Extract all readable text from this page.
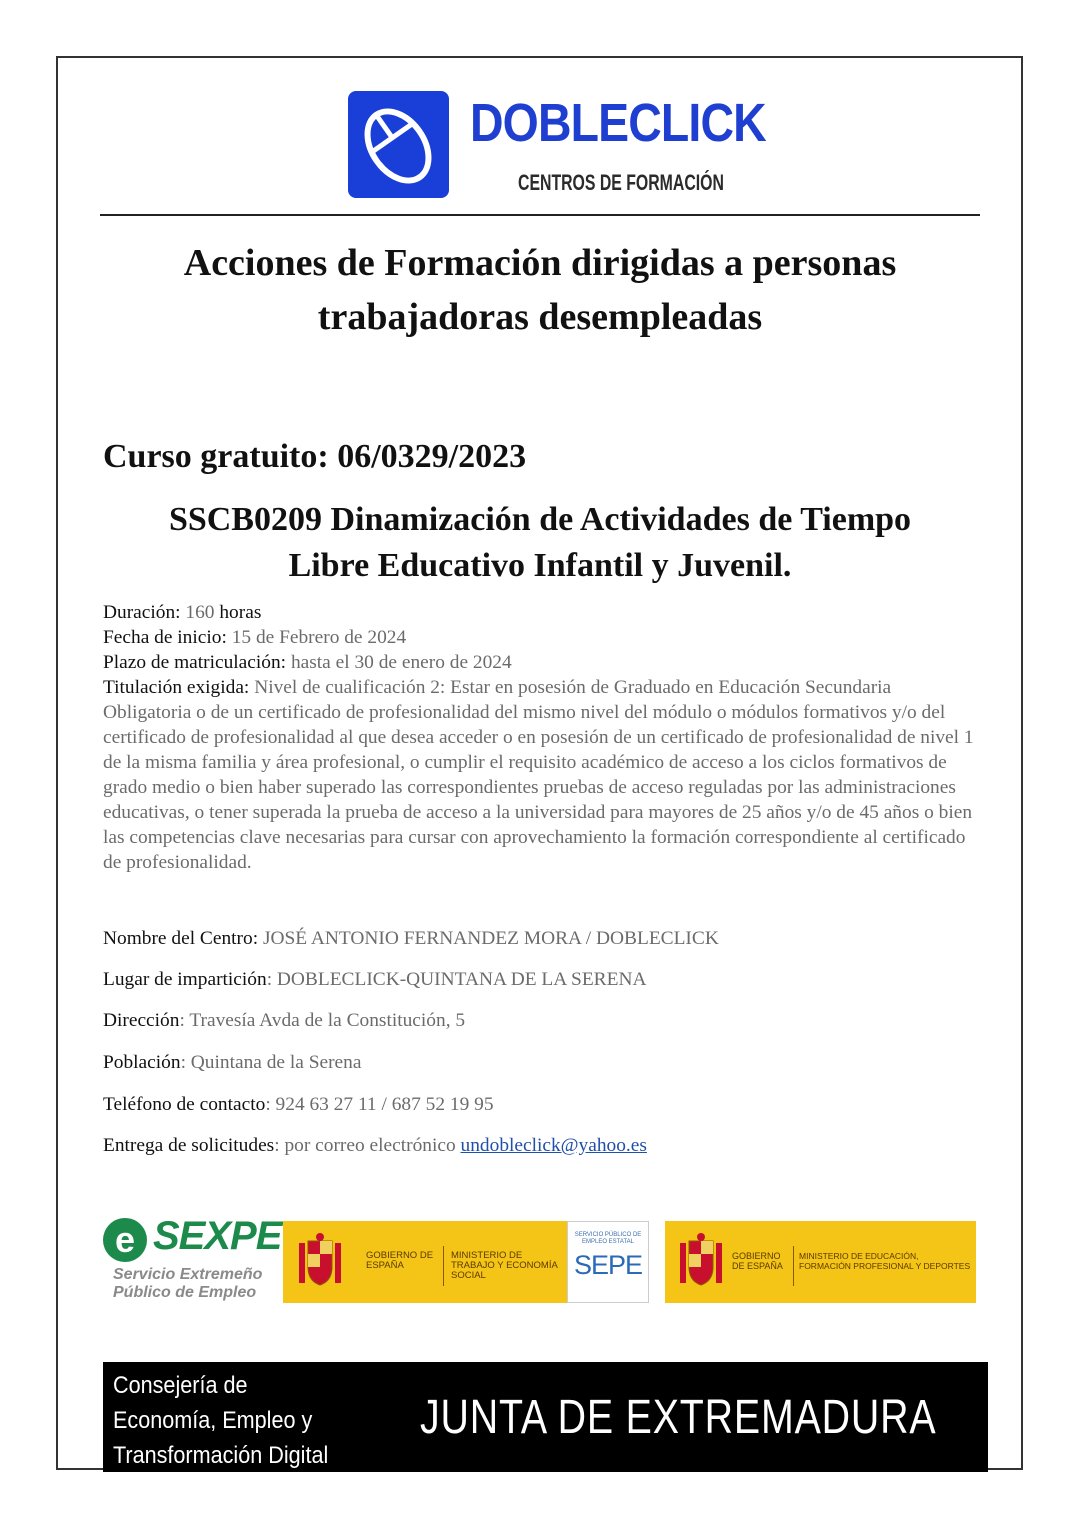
DOBLECLICK
CENTROS DE FORMACIÓN
Acciones de Formación dirigidas a personas
trabajadoras desempleadas
Curso gratuito: 06/0329/2023
SSCB0209 Dinamización de Actividades de Tiempo
Libre Educativo Infantil y Juvenil.
Duración: 160 horas
Fecha de inicio: 15 de Febrero de 2024
Plazo de matriculación: hasta el 30 de enero de 2024
Titulación exigida: Nivel de cualificación 2: Estar en posesión de Graduado en Educación Secundaria Obligatoria o de un certificado de profesionalidad del mismo nivel del módulo o módulos formativos y/o del certificado de profesionalidad al que desea acceder o en posesión de un certificado de profesionalidad de nivel 1 de la misma familia y área profesional, o cumplir el requisito académico de acceso a los ciclos formativos de grado medio o bien haber superado las correspondientes pruebas de acceso reguladas por las administraciones educativas, o tener superada la prueba de acceso a la universidad para mayores de 25 años y/o de 45 años o bien las competencias clave necesarias para cursar con aprovechamiento la formación correspondiente al certificado de profesionalidad.
Nombre del Centro: JOSÉ ANTONIO FERNANDEZ MORA / DOBLECLICK
Lugar de impartición: DOBLECLICK-QUINTANA DE LA SERENA
Dirección: Travesía Avda de la Constitución, 5
Población: Quintana de la Serena
Teléfono de contacto: 924 63 27 11 / 687 52 19 95
Entrega de solicitudes: por correo electrónico undobleclick@yahoo.es
e SEXPE
Servicio Extremeño Público de Empleo
GOBIERNO DE ESPAÑA
MINISTERIO DE TRABAJO Y ECONOMÍA SOCIAL
SERVICIO PÚBLICO DE EMPLEO ESTATAL
SEPE	GOBIERNO DE ESPAÑA
MINISTERIO DE EDUCACIÓN, FORMACIÓN PROFESIONAL Y DEPORTES
Consejería de
Economía, Empleo y
Transformación Digital
JUNTA DE EXTREMADURA
